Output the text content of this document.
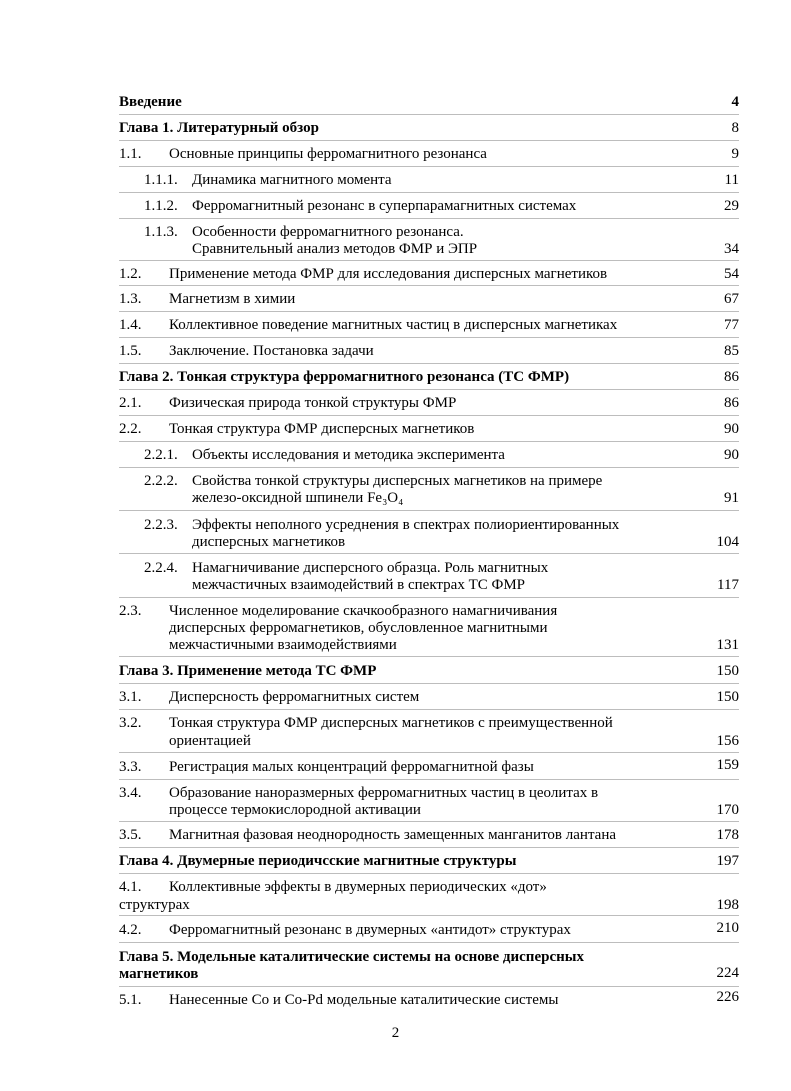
Введение	4
Глава 1. Литературный обзор	8
1.1. Основные принципы ферромагнитного резонанса	9
1.1.1. Динамика магнитного момента	11
1.1.2. Ферромагнитный резонанс в суперпарамагнитных системах	29
1.1.3. Особенности ферромагнитного резонанса.
Сравнительный анализ методов ФМР и ЭПР	34
1.2. Применение метода ФМР для исследования дисперсных магнетиков	54
1.3. Магнетизм в химии	67
1.4. Коллективное поведение магнитных частиц в дисперсных магнетиках	77
1.5. Заключение. Постановка задачи	85
Глава 2. Тонкая структура ферромагнитного резонанса (ТС ФМР)	86
2.1. Физическая природа тонкой структуры ФМР	86
2.2. Тонкая структура ФМР дисперсных магнетиков	90
2.2.1. Объекты исследования и методика эксперимента	90
2.2.2. Свойства тонкой структуры дисперсных магнетиков на примере
железо-оксидной шпинели Fe₃O₄	91
2.2.3. Эффекты неполного усреднения в спектрах полиориентированных
дисперсных магнетиков	104
2.2.4. Намагничивание дисперсного образца. Роль магнитных
межчастичных взаимодействий в спектрах ТС ФМР	117
2.3. Численное моделирование скачкообразного намагничивания
дисперсных ферромагнетиков, обусловленное магнитными
межчастичными взаимодействиями	131
Глава 3. Применение метода ТС ФМР	150
3.1. Дисперсность ферромагнитных систем	150
3.2. Тонкая структура ФМР дисперсных магнетиков с преимущественной
ориентацией	156
3.3. Регистрация малых концентраций ферромагнитной фазы	159
3.4. Образование наноразмерных ферромагнитных частиц в цеолитах в
процессе термокислородной активации	170
3.5. Магнитная фазовая неоднородность замещенных манганитов лантана	178
Глава 4. Двумерные периодичсские магнитные структуры	197
4.1. Коллективные эффекты в двумерных периодических «дот»
структурах	198
4.2. Ферромагнитный резонанс в двумерных «антидот» структурах	210
Глава 5. Модельные каталитические системы на основе дисперсных
магнетиков	224
5.1. Нанесенные Co и Co-Pd модельные каталитические системы	226
2
